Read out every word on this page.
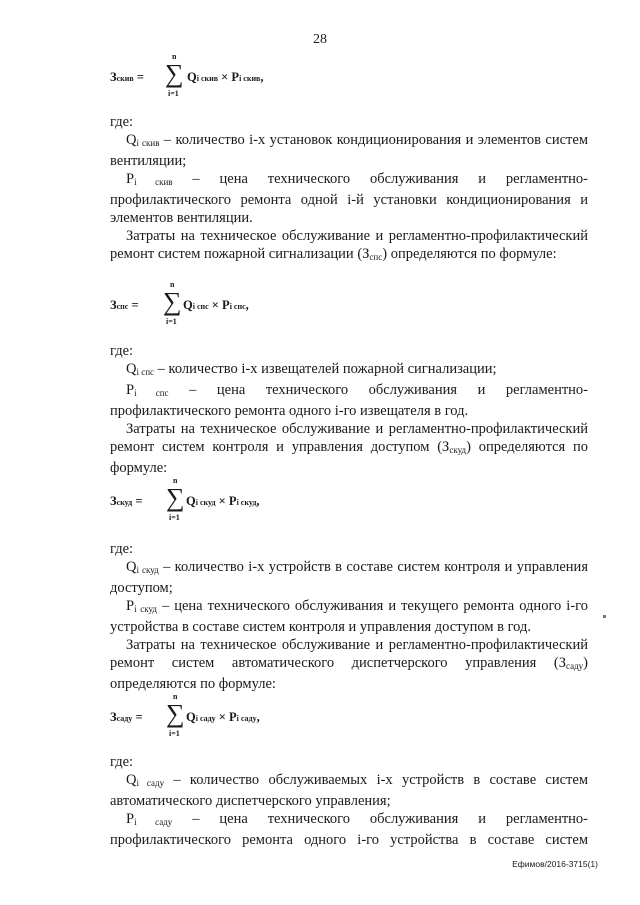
28
Зскив =
n
∑
i=1
Qi скив × Pi скив,

где:

$Q_{i скив}$ – количество i-х установок кондиционирования и элементов систем вентиляции;

$P_{i скив}$ – цена технического обслуживания и регламентно-профилактического ремонта одной i-й установки кондиционирования и элементов вентиляции.

Затраты на техническое обслуживание и регламентно-профилактический ремонт систем пожарной сигнализации $(З_{спс})$ определяются по формуле:

Зспс =
n
∑
i=1
Qi спс × Pi спс,

где:

$Q_{i спс}$ – количество i-х извещателей пожарной сигнализации;

$P_{i спс}$ – цена технического обслуживания и регламентно-профилактического ремонта одного i-го извещателя в год.

Затраты на техническое обслуживание и регламентно-профилактический ремонт систем контроля и управления доступом $(З_{скуд})$ определяются по формуле:

Зскуд =
n
∑
i=1
Qi скуд × Pi скуд,

где:

$Q_{i скуд}$ – количество i-х устройств в составе систем контроля и управления доступом;

$P_{i скуд}$ – цена технического обслуживания и текущего ремонта одного i-го устройства в составе систем контроля и управления доступом в год.

Затраты на техническое обслуживание и регламентно-профилактический ремонт систем автоматического диспетчерского управления $(З_{саду})$ определяются по формуле:

Зсаду =
n
∑
i=1
Qi саду × Pi саду,

где:

$Q_{i саду}$ – количество обслуживаемых i-х устройств в составе систем автоматического диспетчерского управления;

$P_{i саду}$ – цена технического обслуживания и регламентно-профилактического ремонта одного i-го устройства в составе систем

Ефимов/2016-3715(1)
